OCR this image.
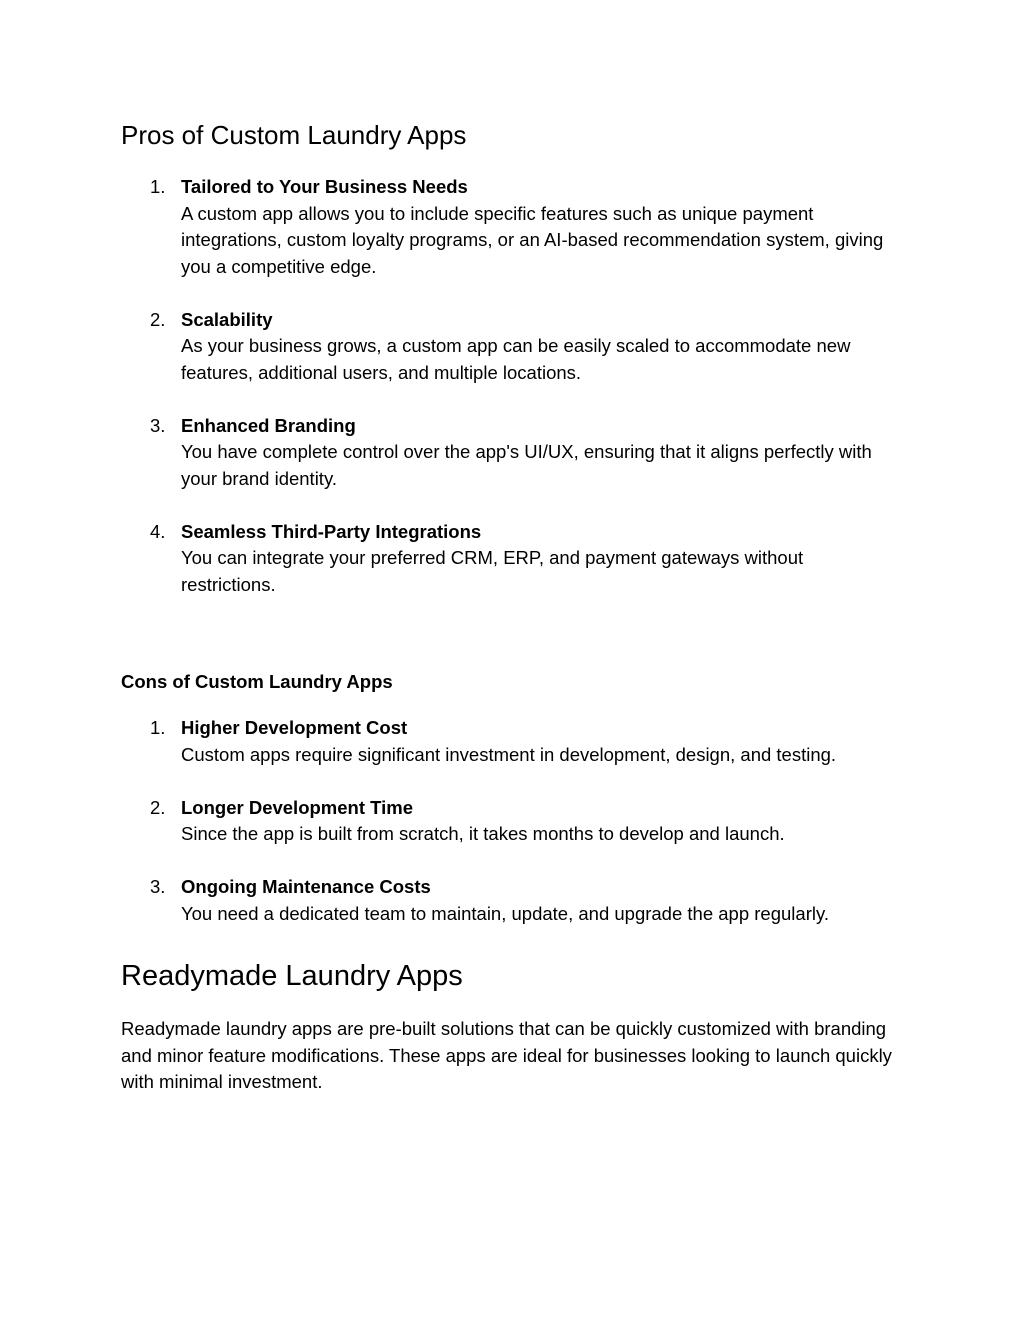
Pros of Custom Laundry Apps
1. Tailored to Your Business Needs
A custom app allows you to include specific features such as unique payment integrations, custom loyalty programs, or an AI-based recommendation system, giving you a competitive edge.
2. Scalability
As your business grows, a custom app can be easily scaled to accommodate new features, additional users, and multiple locations.
3. Enhanced Branding
You have complete control over the app's UI/UX, ensuring that it aligns perfectly with your brand identity.
4. Seamless Third-Party Integrations
You can integrate your preferred CRM, ERP, and payment gateways without restrictions.
Cons of Custom Laundry Apps
1. Higher Development Cost
Custom apps require significant investment in development, design, and testing.
2. Longer Development Time
Since the app is built from scratch, it takes months to develop and launch.
3. Ongoing Maintenance Costs
You need a dedicated team to maintain, update, and upgrade the app regularly.
Readymade Laundry Apps

Readymade laundry apps are pre-built solutions that can be quickly customized with branding and minor feature modifications. These apps are ideal for businesses looking to launch quickly with minimal investment.
